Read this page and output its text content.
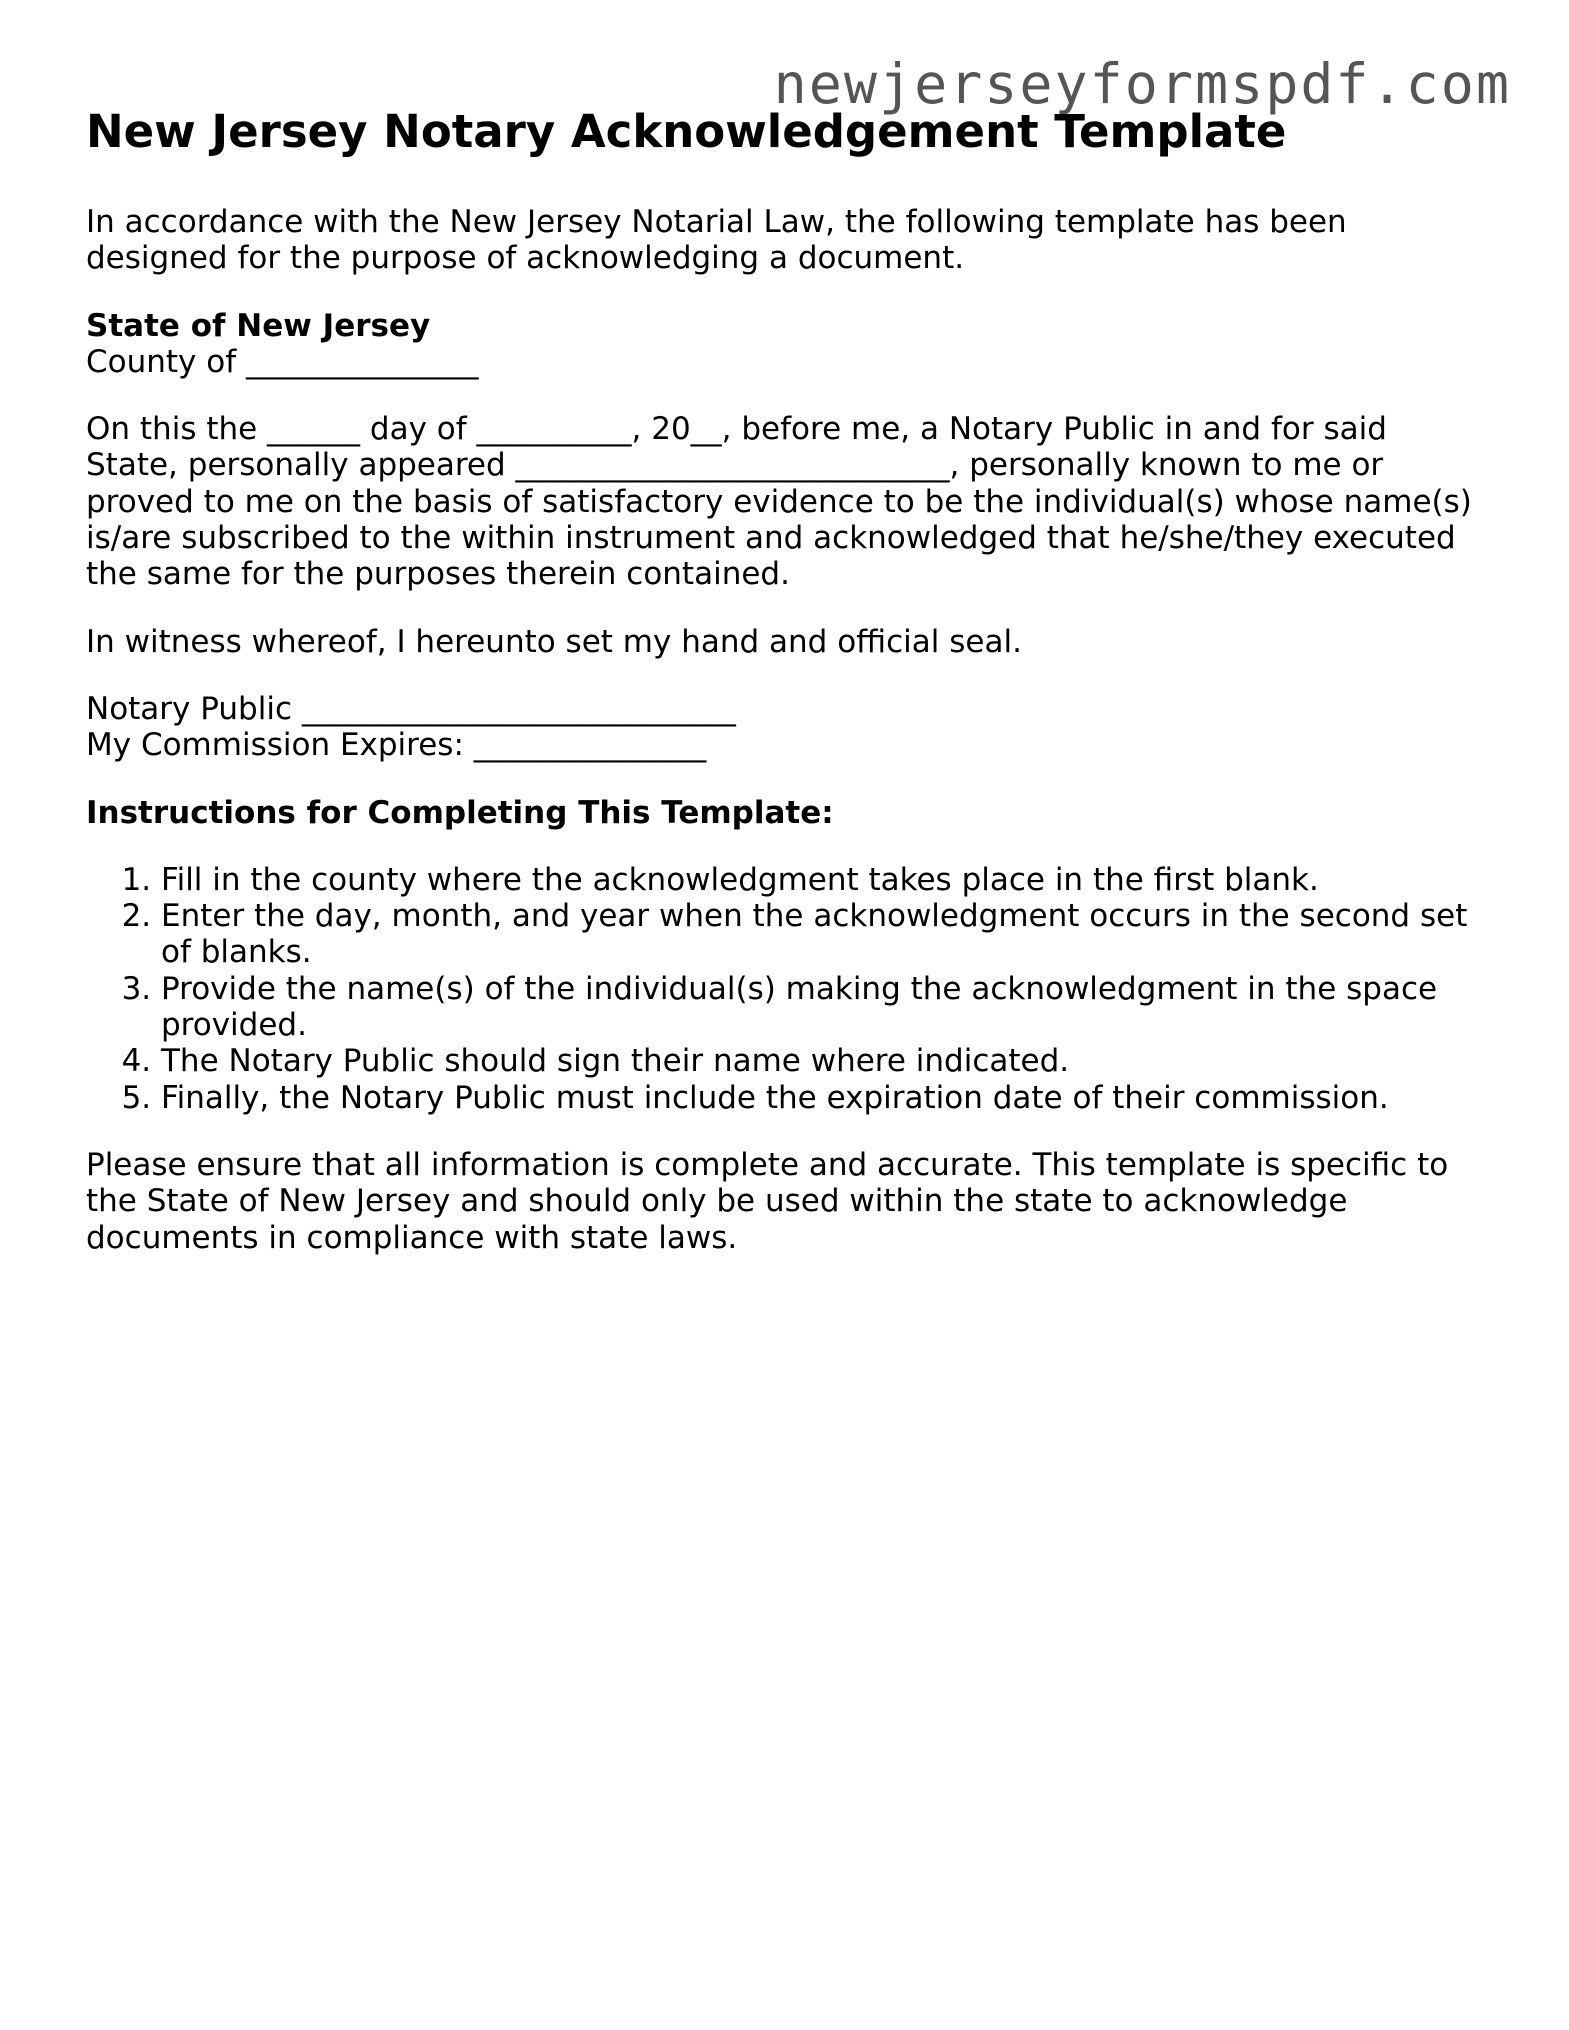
newjerseyformspdf.com
New Jersey Notary Acknowledgement Template

In accordance with the New Jersey Notarial Law, the following template has been designed for the purpose of acknowledging a document.

State of New Jersey
County of _______________

On this the ______ day of __________, 20__, before me, a Notary Public in and for said State, personally appeared ____________________________, personally known to me or proved to me on the basis of satisfactory evidence to be the individual(s) whose name(s) is/are subscribed to the within instrument and acknowledged that he/she/they executed the same for the purposes therein contained.

In witness whereof, I hereunto set my hand and official seal.

Notary Public ____________________________
My Commission Expires: _______________

Instructions for Completing This Template:

1. Fill in the county where the acknowledgment takes place in the first blank.
2. Enter the day, month, and year when the acknowledgment occurs in the second set of blanks.
3. Provide the name(s) of the individual(s) making the acknowledgment in the space provided.
4. The Notary Public should sign their name where indicated.
5. Finally, the Notary Public must include the expiration date of their commission.

Please ensure that all information is complete and accurate. This template is specific to the State of New Jersey and should only be used within the state to acknowledge documents in compliance with state laws.
